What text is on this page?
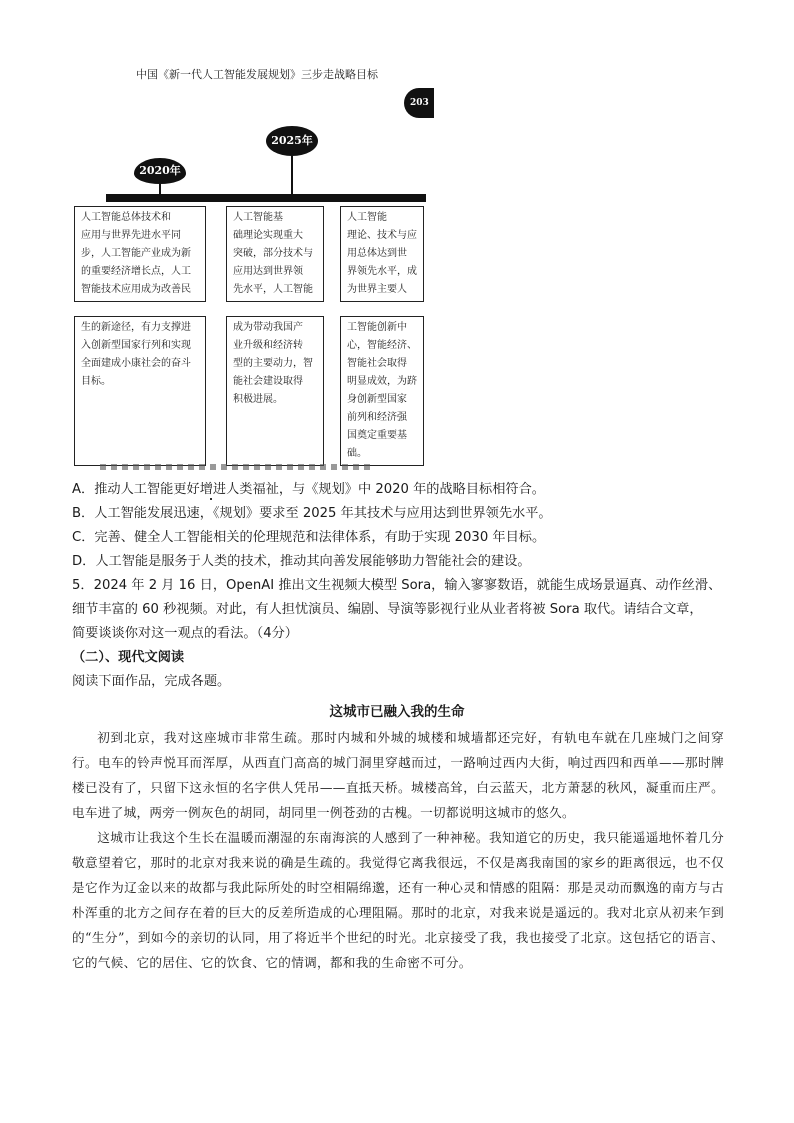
中国《新一代人工智能发展规划》三步走战略目标
203
2020年
2025年
人工智能总体技术和
应用与世界先进水平同
步，人工智能产业成为新
的重要经济增长点，人工
智能技术应用成为改善民
人工智能基
础理论实现重大
突破，部分技术与
应用达到世界领
先水平，人工智能
人工智能
理论、技术与应
用总体达到世
界领先水平，成
为世界主要人
生的新途径，有力支撑进
入创新型国家行列和实现
全面建成小康社会的奋斗
目标。
成为带动我国产
业升级和经济转
型的主要动力，智
能社会建设取得
积极进展。
工智能创新中
心，智能经济、
智能社会取得
明显成效，为跻
身创新型国家
前列和经济强
国奠定重要基
础。
A．推动人工智能更好增进人类福祉，与《规划》中 2020 年的战略目标相符合。
B．人工智能发展迅速，《规划》要求至 2025 年其技术与应用达到世界领先水平。
C．完善、健全人工智能相关的伦理规范和法律体系，有助于实现 2030 年目标。
D．人工智能是服务于人类的技术，推动其向善发展能够助力智能社会的建设。
5．2024 年 2 月 16 日，OpenAI 推出文生视频大模型 Sora，输入寥寥数语，就能生成场景逼真、动作丝滑、
细节丰富的 60 秒视频。对此，有人担忧演员、编剧、导演等影视行业从业者将被 Sora 取代。请结合文章，
简要谈谈你对这一观点的看法。（4分）
（二）、现代文阅读
阅读下面作品，完成各题。
这城市已融入我的生命

初到北京，我对这座城市非常生疏。那时内城和外城的城楼和城墙都还完好，有轨电车就在几座城门之间穿行。电车的铃声悦耳而浑厚，从西直门高高的城门洞里穿越而过，一路响过西内大街，响过西四和西单——那时牌楼已没有了，只留下这永恒的名字供人凭吊——直抵天桥。城楼高耸，白云蓝天，北方萧瑟的秋风，凝重而庄严。电车进了城，两旁一例灰色的胡同，胡同里一例苍劲的古槐。一切都说明这城市的悠久。

这城市让我这个生长在温暖而潮湿的东南海滨的人感到了一种神秘。我知道它的历史，我只能遥遥地怀着几分敬意望着它，那时的北京对我来说的确是生疏的。我觉得它离我很远，不仅是离我南国的家乡的距离很远，也不仅是它作为辽金以来的故都与我此际所处的时空相隔绵邈，还有一种心灵和情感的阻隔：那是灵动而飘逸的南方与古朴浑重的北方之间存在着的巨大的反差所造成的心理阻隔。那时的北京，对我来说是遥远的。我对北京从初来乍到的“生分”，到如今的亲切的认同，用了将近半个世纪的时光。北京接受了我，我也接受了北京。这包括它的语言、它的气候、它的居住、它的饮食、它的情调，都和我的生命密不可分。
